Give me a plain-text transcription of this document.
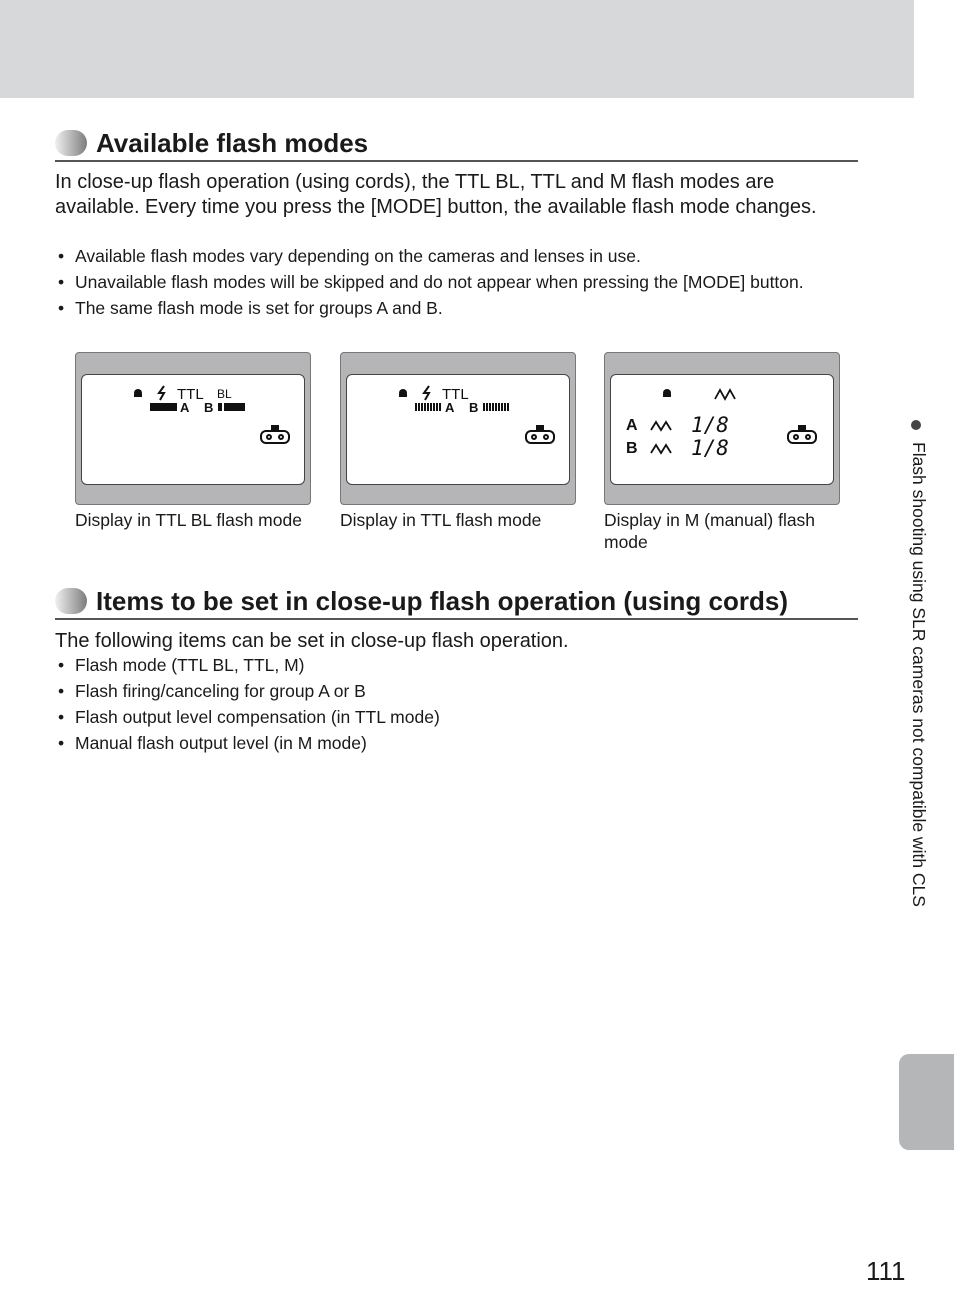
Available flash modes

In close-up flash operation (using cords), the TTL BL, TTL and M flash modes are available. Every time you press the [MODE] button, the available flash mode changes.

• Available flash modes vary depending on the cameras and lenses in use.
• Unavailable flash modes will be skipped and do not appear when pressing the [MODE] button.
• The same flash mode is set for groups A and B.
TTL BL
A B
Display in TTL BL flash mode
TTL
A B
Display in TTL flash mode
A	1/8
B	1/8
Display in M (manual) flash mode
Items to be set in close-up flash operation (using cords)

The following items can be set in close-up flash operation.

• Flash mode (TTL BL, TTL, M)
• Flash firing/canceling for group A or B
• Flash output level compensation (in TTL mode)
• Manual flash output level (in M mode)	Flash shooting using SLR cameras not compatible with CLS
111
